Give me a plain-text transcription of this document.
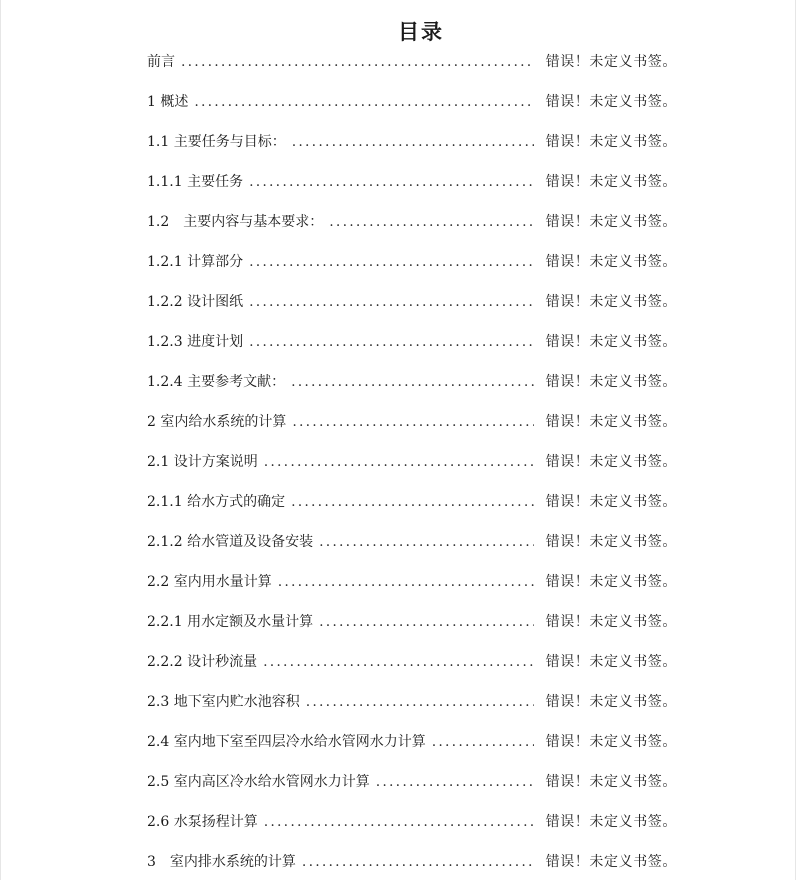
目录
前言 .....	错误！未定义书签。
1 概述 .....	错误！未定义书签。
1.1 主要任务与目标： .....	错误！未定义书签。
1.1.1 主要任务 .....	错误！未定义书签。
1.2　主要内容与基本要求： .....	错误！未定义书签。
1.2.1 计算部分 .....	错误！未定义书签。
1.2.2 设计图纸 .....	错误！未定义书签。
1.2.3 进度计划 .....	错误！未定义书签。
1.2.4 主要参考文献： .....	错误！未定义书签。
2 室内给水系统的计算 .....	错误！未定义书签。
2.1 设计方案说明 .....	错误！未定义书签。
2.1.1 给水方式的确定 .....	错误！未定义书签。
2.1.2 给水管道及设备安装 .....	错误！未定义书签。
2.2 室内用水量计算 .....	错误！未定义书签。
2.2.1 用水定额及水量计算 .....	错误！未定义书签。
2.2.2 设计秒流量 .....	错误！未定义书签。
2.3 地下室内贮水池容积 .....	错误！未定义书签。
2.4 室内地下室至四层冷水给水管网水力计算 .....	错误！未定义书签。
2.5 室内高区冷水给水管网水力计算 .....	错误！未定义书签。
2.6 水泵扬程计算 .....	错误！未定义书签。
3　室内排水系统的计算 .....	错误！未定义书签。
